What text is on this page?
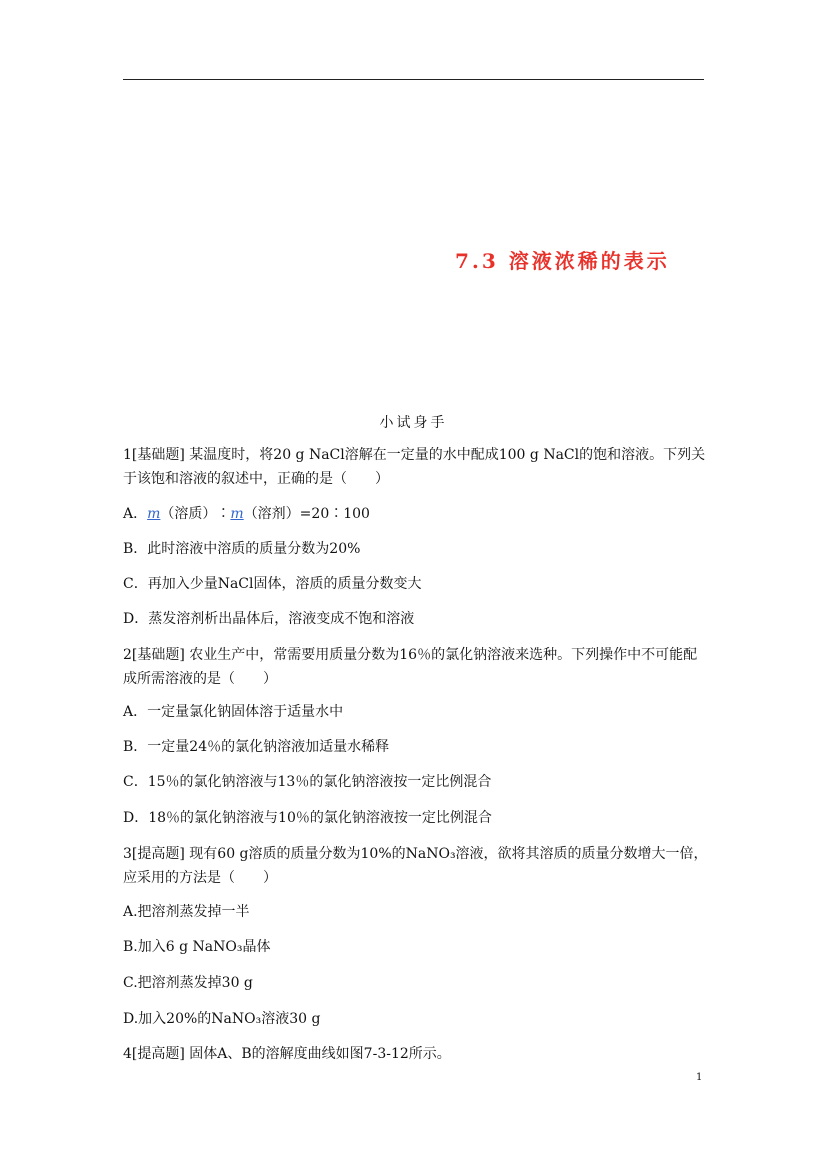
7.3 溶液浓稀的表示
小试身手
1[基础题] 某温度时，将20 g NaCl溶解在一定量的水中配成100 g NaCl的饱和溶液。下列关于该饱和溶液的叙述中，正确的是（　　）
A．m（溶质）∶m（溶剂）=20∶100
B．此时溶液中溶质的质量分数为20%
C．再加入少量NaCl固体，溶质的质量分数变大
D．蒸发溶剂析出晶体后，溶液变成不饱和溶液
2[基础题] 农业生产中，常需要用质量分数为16％的氯化钠溶液来选种。下列操作中不可能配成所需溶液的是（　　）
A．一定量氯化钠固体溶于适量水中
B．一定量24％的氯化钠溶液加适量水稀释
C．15％的氯化钠溶液与13％的氯化钠溶液按一定比例混合
D．18％的氯化钠溶液与10％的氯化钠溶液按一定比例混合
3[提高题] 现有60 g溶质的质量分数为10%的NaNO₃溶液，欲将其溶质的质量分数增大一倍，应采用的方法是（　　）
A.把溶剂蒸发掉一半
B.加入6 g NaNO₃晶体
C.把溶剂蒸发掉30 g
D.加入20%的NaNO₃溶液30 g
4[提高题] 固体A、B的溶解度曲线如图7-3-12所示。
1
